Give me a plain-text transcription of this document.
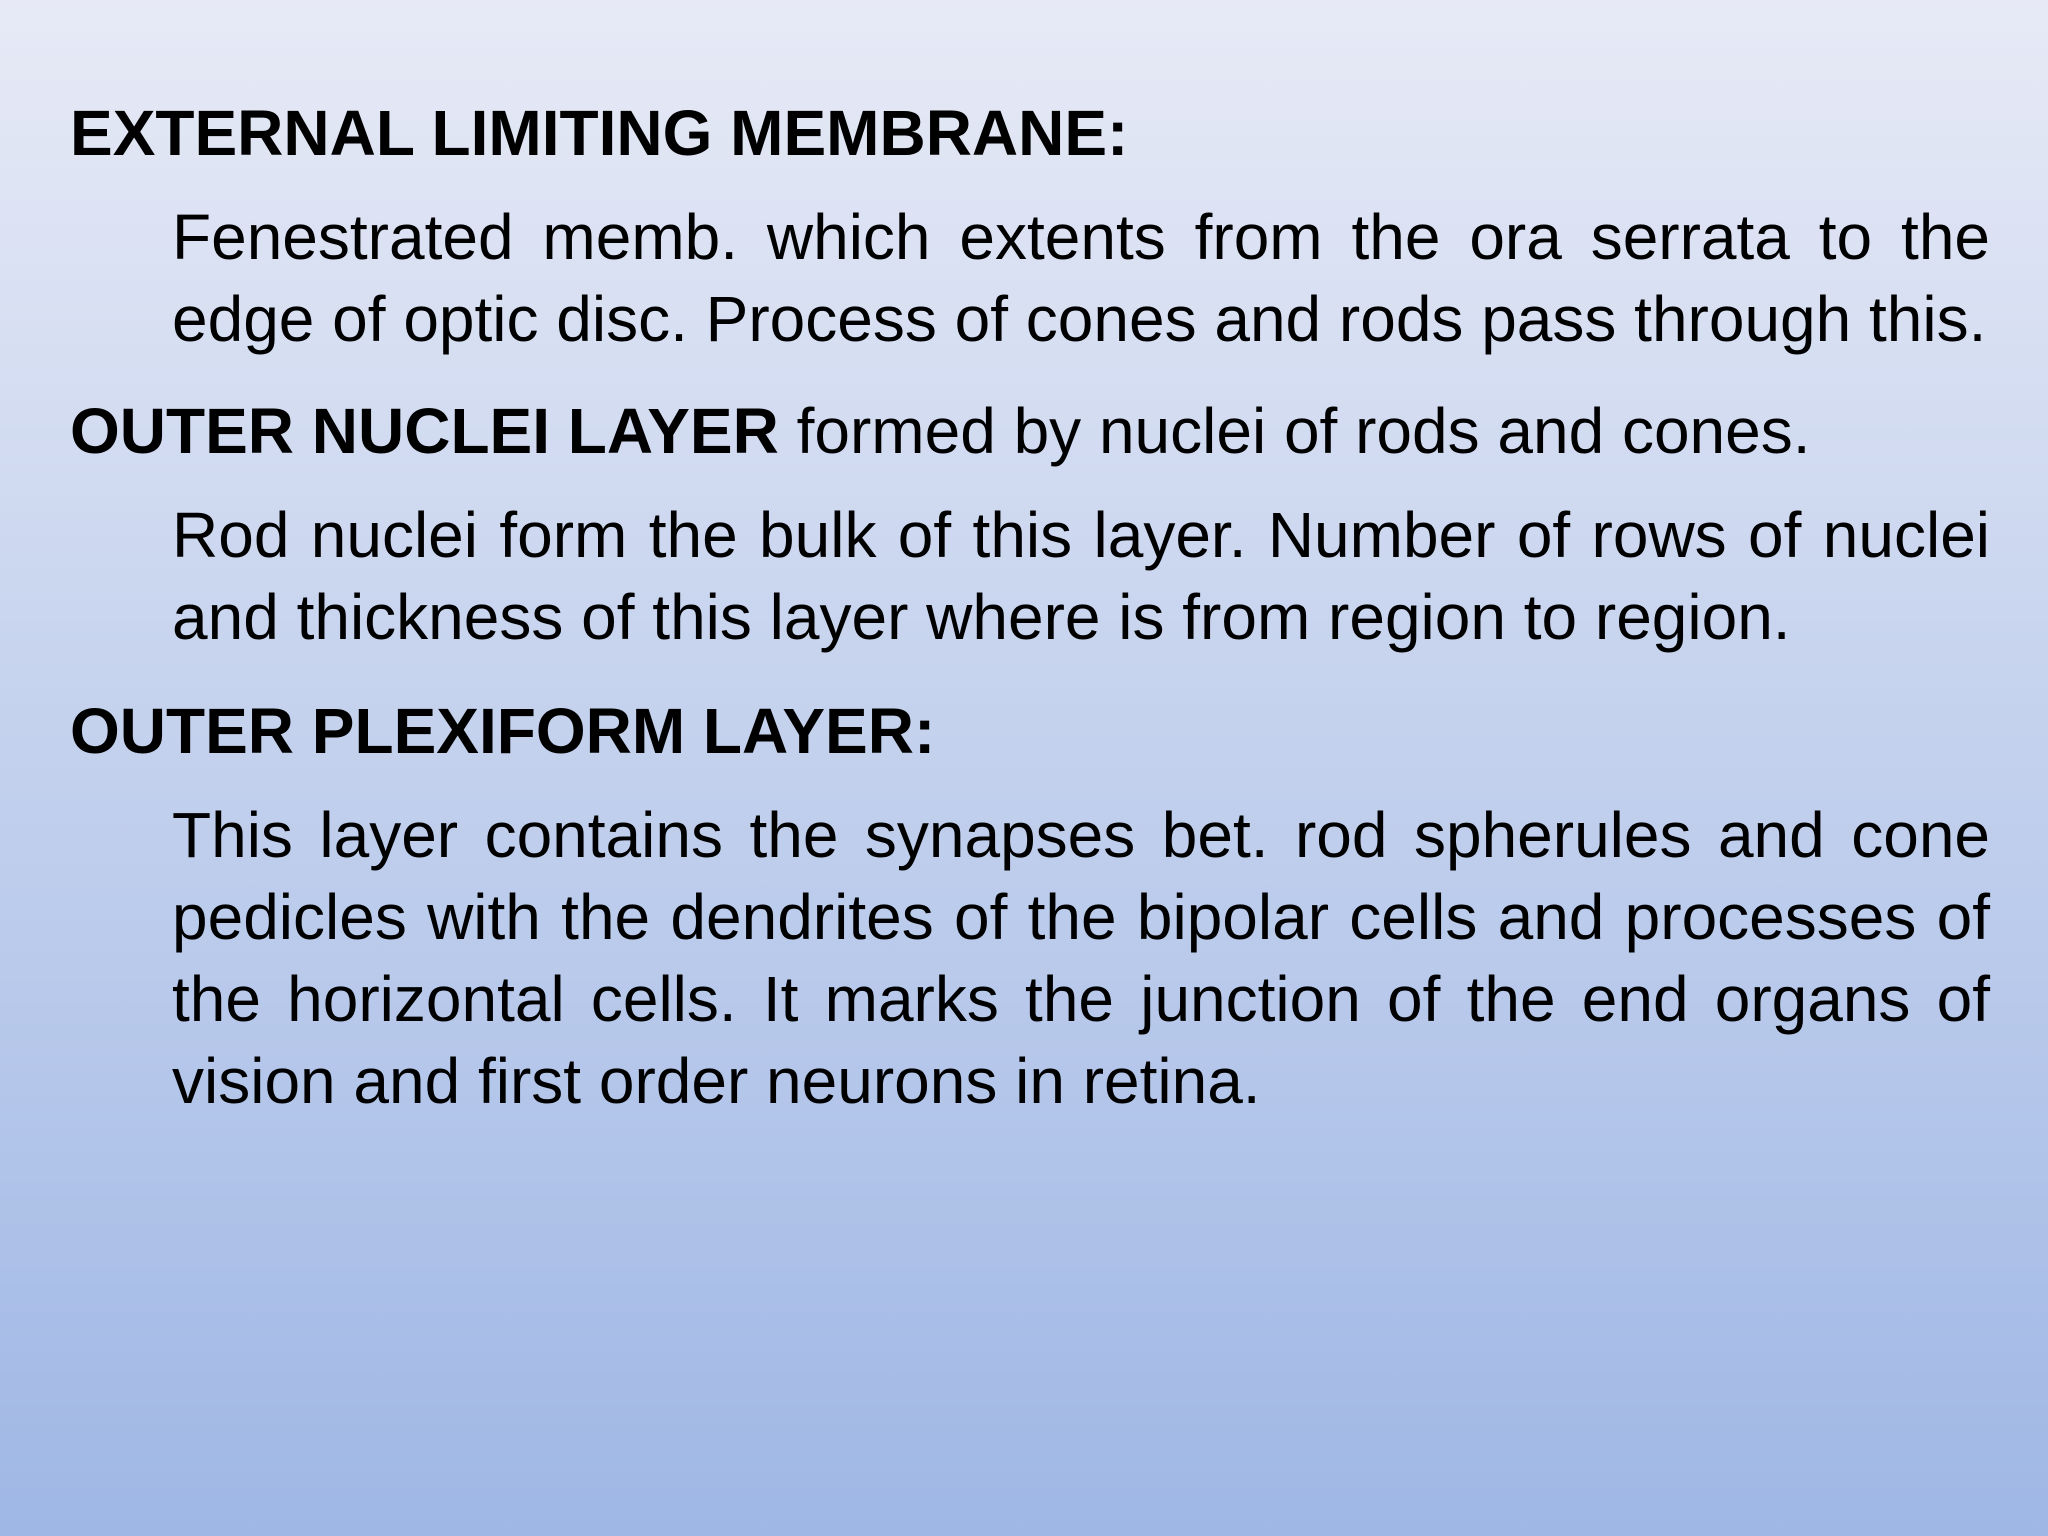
EXTERNAL LIMITING MEMBRANE:

Fenestrated memb. which extents from the ora serrata to the edge of optic disc. Process of cones and rods pass through this.

OUTER NUCLEI LAYER formed by nuclei of rods and cones.

Rod nuclei form the bulk of this layer. Number of rows of nuclei and thickness of this layer where is from region to region.

OUTER PLEXIFORM LAYER:

This layer contains the synapses bet. rod spherules and cone pedicles with the dendrites of the bipolar cells and processes of the horizontal cells. It marks the junction of the end organs of vision and first order neurons in retina.
